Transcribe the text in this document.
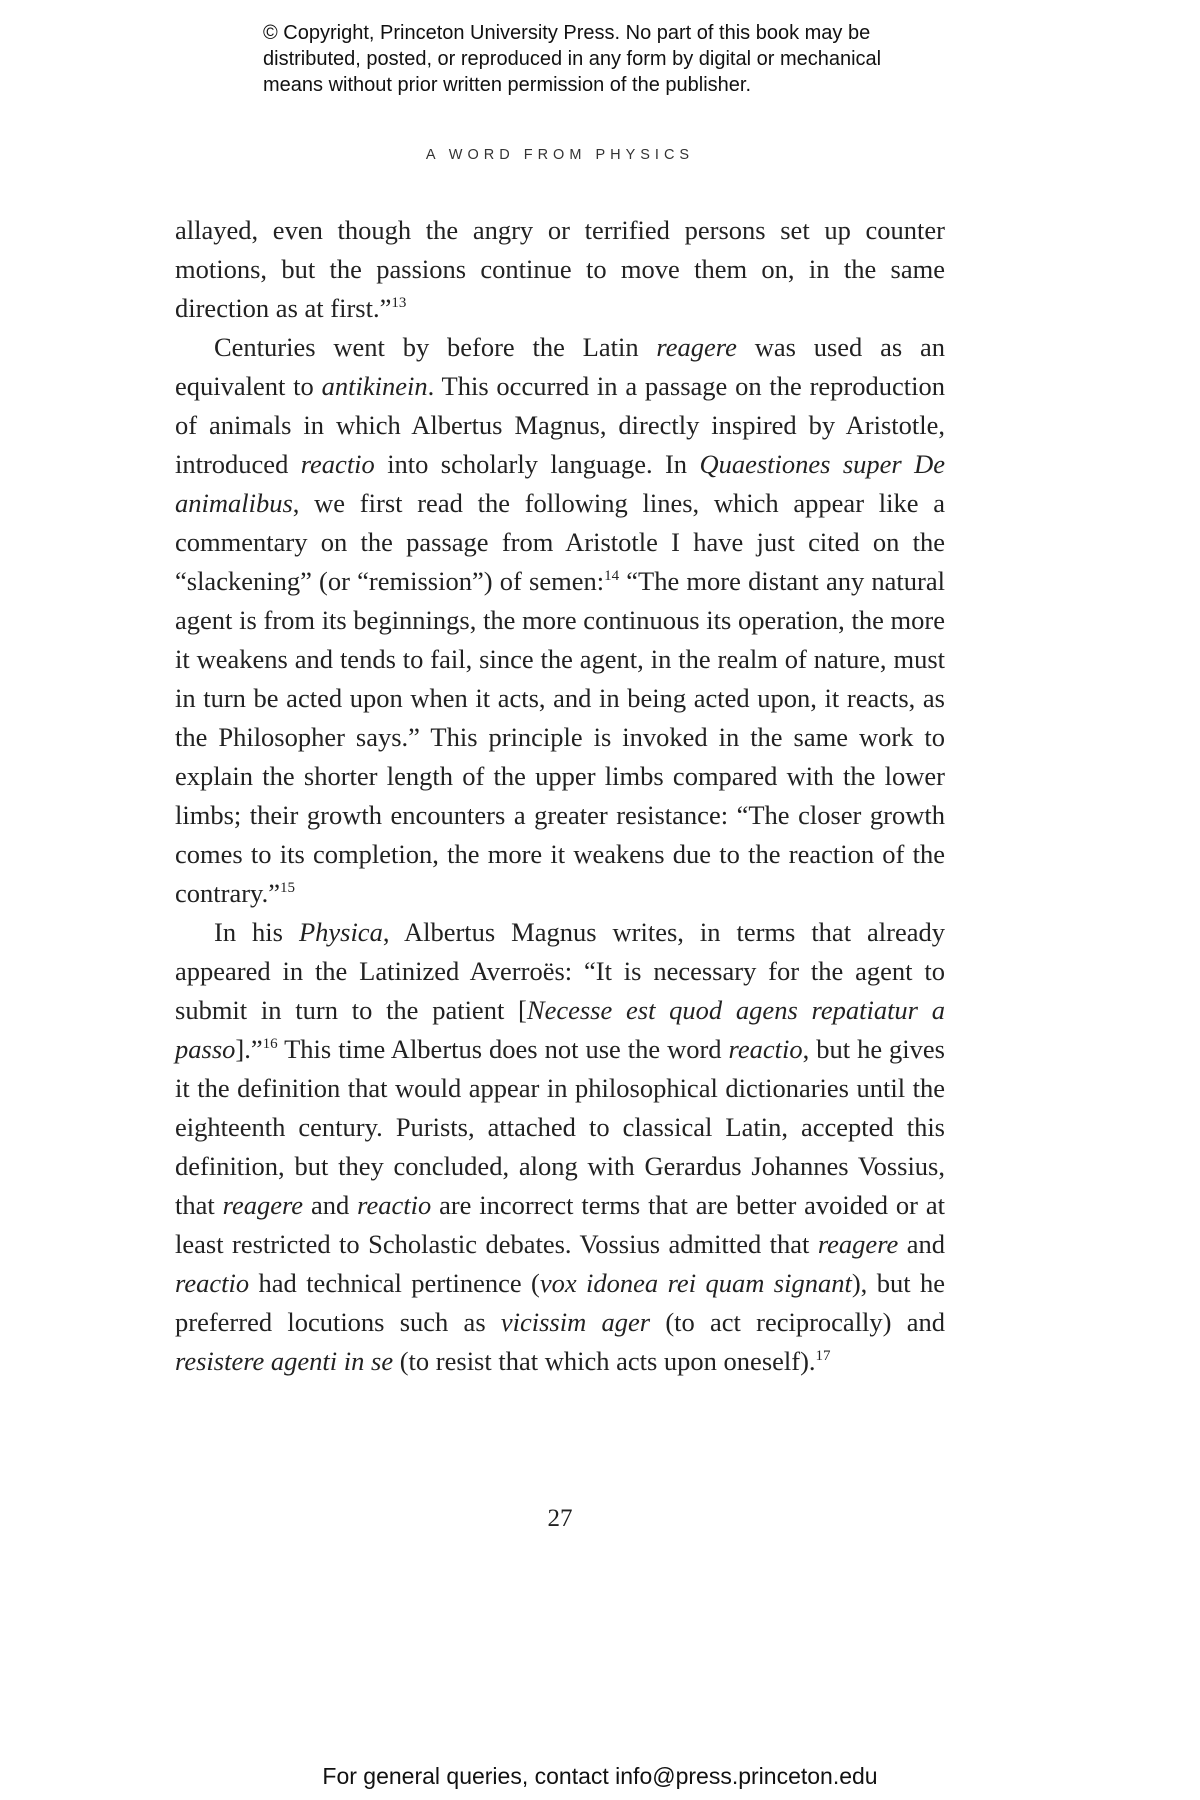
© Copyright, Princeton University Press. No part of this book may be
distributed, posted, or reproduced in any form by digital or mechanical
means without prior written permission of the publisher.
A WORD FROM PHYSICS

allayed, even though the angry or terrified persons set up counter motions, but the passions continue to move them on, in the same direction as at first.”$^{13}$

Centuries went by before the Latin reagere was used as an equivalent to antikinein. This occurred in a passage on the reproduction of animals in which Albertus Magnus, directly inspired by Aristotle, introduced reactio into scholarly language. In Quaestiones super De animalibus, we first read the following lines, which appear like a commentary on the passage from Aristotle I have just cited on the “slackening” (or “remission”) of semen:$^{14}$ “The more distant any natural agent is from its beginnings, the more continuous its operation, the more it weakens and tends to fail, since the agent, in the realm of nature, must in turn be acted upon when it acts, and in being acted upon, it reacts, as the Philosopher says.” This principle is invoked in the same work to explain the shorter length of the upper limbs compared with the lower limbs; their growth encounters a greater resistance: “The closer growth comes to its completion, the more it weakens due to the reaction of the contrary.”$^{15}$

In his Physica, Albertus Magnus writes, in terms that already appeared in the Latinized Averroës: “It is necessary for the agent to submit in turn to the patient [Necesse est quod agens repatiatur a passo].”$^{16}$ This time Albertus does not use the word reactio, but he gives it the definition that would appear in philosophical dictionaries until the eighteenth century. Purists, attached to classical Latin, accepted this definition, but they concluded, along with Gerardus Johannes Vossius, that reagere and reactio are incorrect terms that are better avoided or at least restricted to Scholastic debates. Vossius admitted that reagere and reactio had technical pertinence (vox idonea rei quam signant), but he preferred locutions such as vicissim ager (to act reciprocally) and resistere agenti in se (to resist that which acts upon oneself).$^{17}$

27
For general queries, contact info@press.princeton.edu
